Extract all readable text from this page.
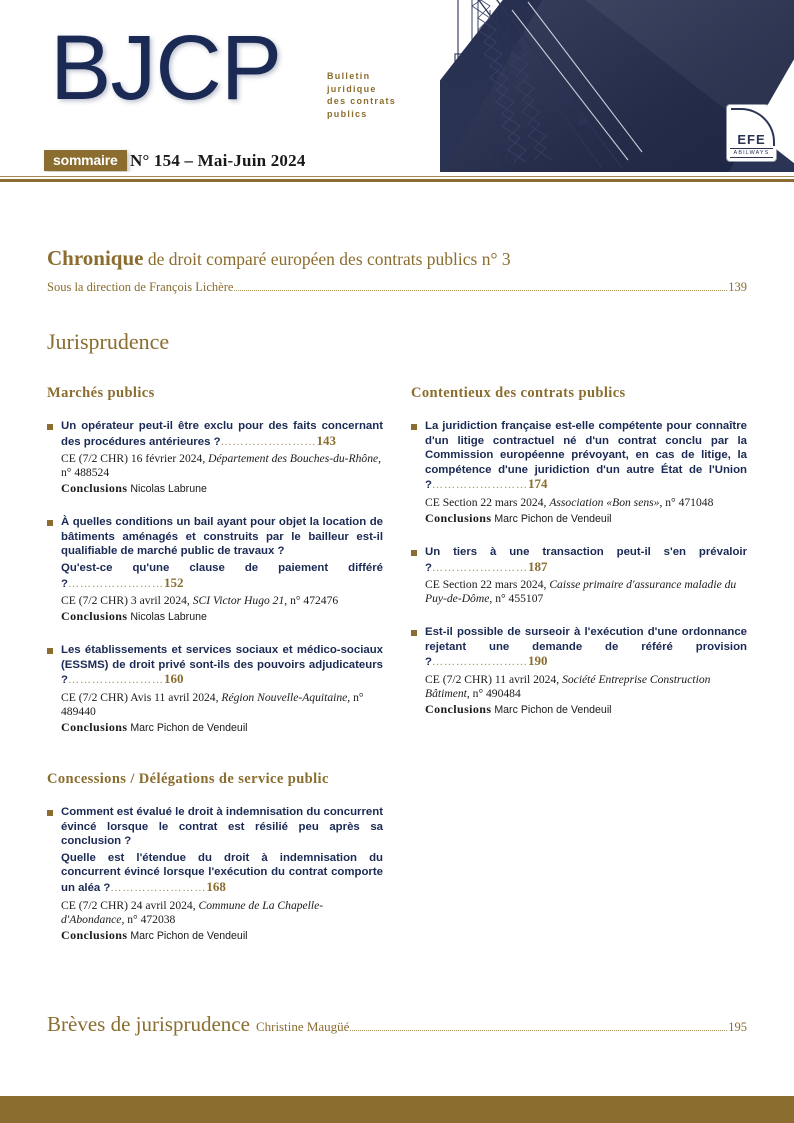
EFE
ABILWAYS
BJCP	Bulletin
juridique
des contrats
publics
sommaire N° 154 – Mai-Juin 2024
Chronique de droit comparé européen des contrats publics n° 3
Sous la direction de François Lichère	139
Jurisprudence
Marchés publics

Un opérateur peut-il être exclu pour des faits concernant des procédures antérieures ?……………………143

CE (7/2 CHR) 16 février 2024, Département des Bouches-du-Rhône, n° 488524
Conclusions Nicolas Labrune

À quelles conditions un bail ayant pour objet la location de bâtiments aménagés et construits par le bailleur est-il qualifiable de marché public de travaux ?

Qu'est-ce qu'une clause de paiement différé ?……………………152

CE (7/2 CHR) 3 avril 2024, SCI Victor Hugo 21, n° 472476
Conclusions Nicolas Labrune

Les établissements et services sociaux et médico-sociaux (ESSMS) de droit privé sont-ils des pouvoirs adjudicateurs ?……………………160

CE (7/2 CHR) Avis 11 avril 2024, Région Nouvelle-Aquitaine, n° 489440
Conclusions Marc Pichon de Vendeuil
Concessions / Délégations de service public

Comment est évalué le droit à indemnisation du concurrent évincé lorsque le contrat est résilié peu après sa conclusion ?

Quelle est l'étendue du droit à indemnisation du concurrent évincé lorsque l'exécution du contrat comporte un aléa ?……………………168

CE (7/2 CHR) 24 avril 2024, Commune de La Chapelle-d'Abondance, n° 472038
Conclusions Marc Pichon de Vendeuil
Contentieux des contrats publics

La juridiction française est-elle compétente pour connaître d'un litige contractuel né d'un contrat conclu par la Commission européenne prévoyant, en cas de litige, la compétence d'une juridiction d'un autre État de l'Union ?……………………174

CE Section 22 mars 2024, Association «Bon sens», n° 471048
Conclusions Marc Pichon de Vendeuil

Un tiers à une transaction peut-il s'en prévaloir ?……………………187

CE Section 22 mars 2024, Caisse primaire d'assurance maladie du Puy-de-Dôme, n° 455107

Est-il possible de surseoir à l'exécution d'une ordonnance rejetant une demande de référé provision ?……………………190

CE (7/2 CHR) 11 avril 2024, Société Entreprise Construction Bâtiment, n° 490484
Conclusions Marc Pichon de Vendeuil
Brèves de jurisprudence Christine Maugüé	195
